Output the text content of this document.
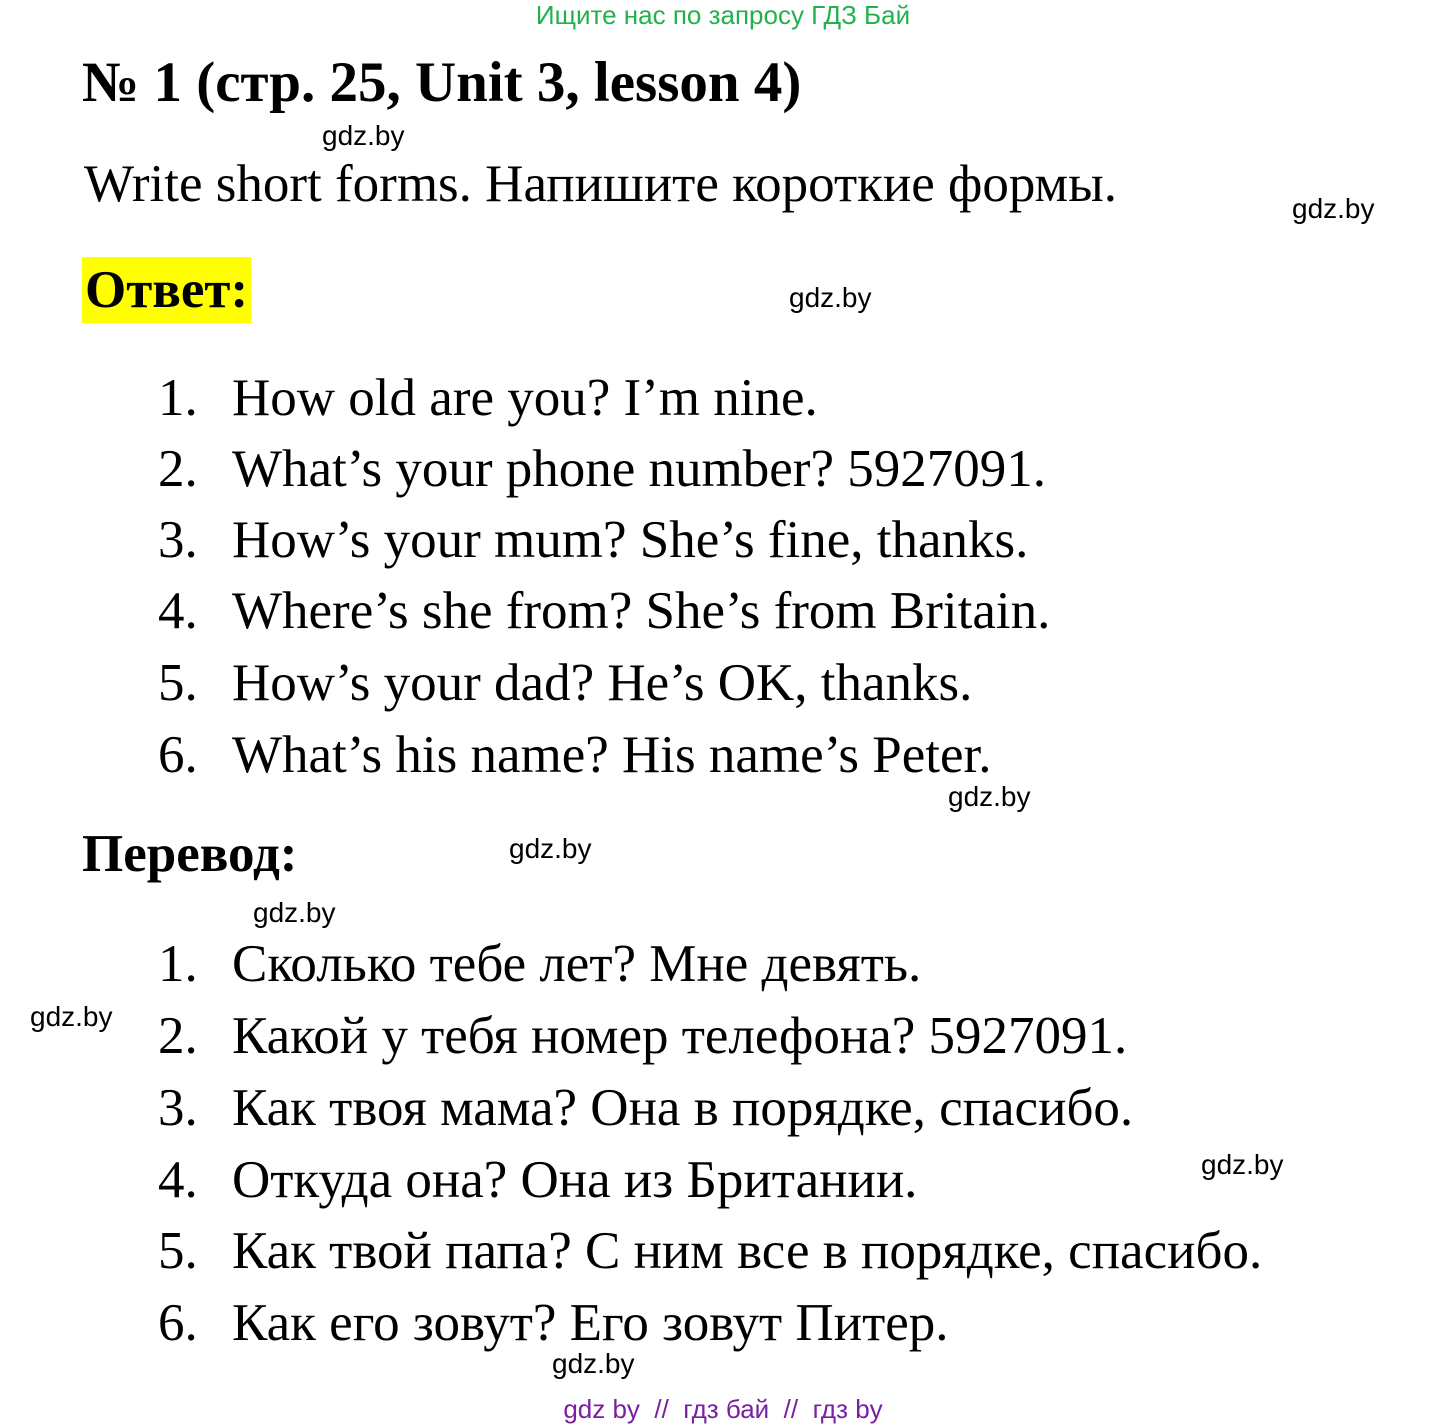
Ищите нас по запросу ГДЗ Бай
№ 1 (стр. 25, Unit 3, lesson 4)
Write short forms. Напишите короткие формы.
Ответ:
1. How old are you? I’m nine.
2. What’s your phone number? 5927091.
3. How’s your mum? She’s fine, thanks.
4. Where’s she from? She’s from Britain.
5. How’s your dad? He’s OK, thanks.
6. What’s his name? His name’s Peter.
Перевод:
1. Сколько тебе лет? Мне девять.
2. Какой у тебя номер телефона? 5927091.
3. Как твоя мама? Она в порядке, спасибо.
4. Откуда она? Она из Британии.
5. Как твой папа? С ним все в порядке, спасибо.
6. Как его зовут? Его зовут Питер.
gdz.by
gdz.by
gdz.by
gdz.by
gdz.by
gdz.by
gdz.by
gdz.by
gdz.by
gdz by // гдз бай // гдз by
